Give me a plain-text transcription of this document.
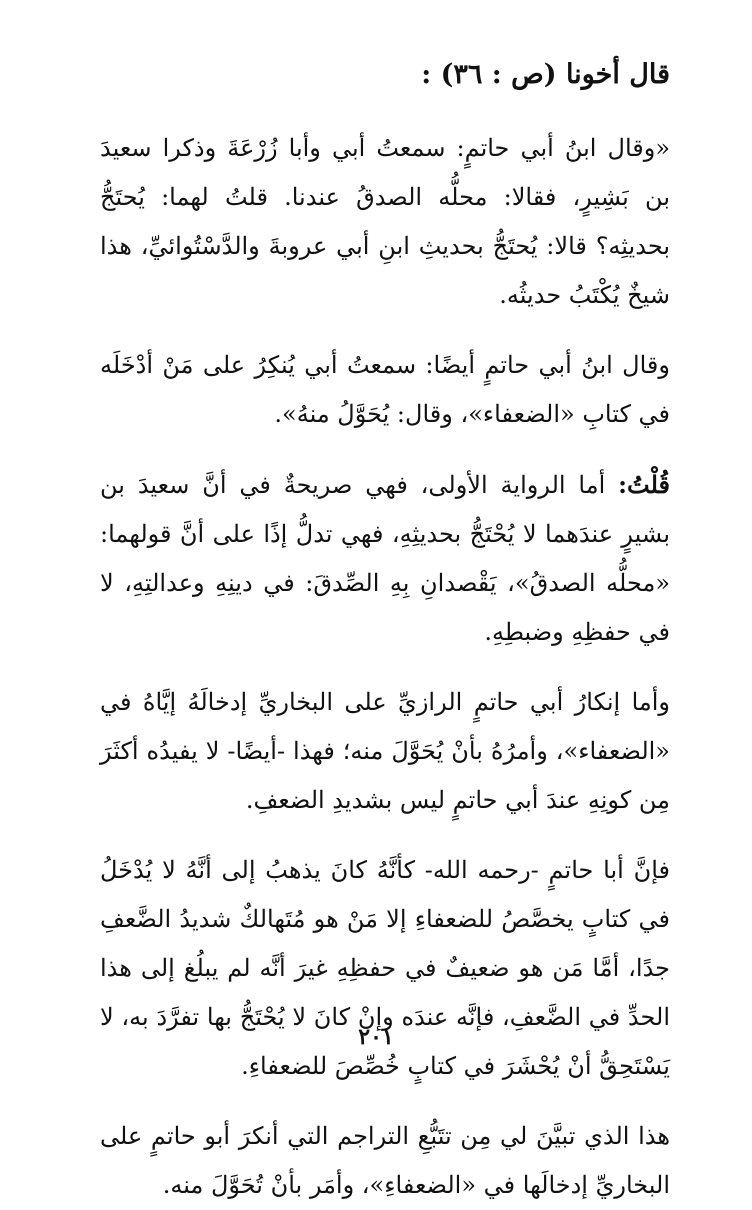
قال أخونا (ص : ٣٦) :

«وقال ابنُ أبي حاتمٍ: سمعتُ أبي وأبا زُرْعَةَ وذكرا سعيدَ بن بَشِيرٍ، فقالا: محلُّه الصدقُ عندنا. قلتُ لهما: يُحتَجُّ بحديثِه؟ قالا: يُحتَجُّ بحديثِ ابنِ أبي عروبةَ والدَّسْتُوائيِّ، هذا شيخٌ يُكْتَبُ حديثُه.

وقال ابنُ أبي حاتمٍ أيضًا: سمعتُ أبي يُنكِرُ على مَنْ أدْخَلَه في كتابِ «الضعفاء»، وقال: يُحَوَّلُ منهُ».

قُلْتُ: أما الرواية الأولى، فهي صريحةٌ في أنَّ سعيدَ بن بشيرٍ عندَهما لا يُحْتَجُّ بحديثِهِ، فهي تدلُّ إذًا على أنَّ قولهما: «محلُّه الصدقُ»، يَقْصدانِ بِهِ الصِّدقَ: في دينِهِ وعدالتِهِ، لا في حفظِهِ وضبطِهِ.

وأما إنكارُ أبي حاتمٍ الرازيِّ على البخاريِّ إدخالَهُ إيَّاهُ في «الضعفاء»، وأمرُهُ بأنْ يُحَوَّلَ منه؛ فهذا -أيضًا- لا يفيدُه أكثَرَ مِن كونِهِ عندَ أبي حاتمٍ ليس بشديدِ الضعفِ.

فإنَّ أبا حاتمٍ -رحمه الله- كأنَّهُ كانَ يذهبُ إلى أنَّهُ لا يُدْخَلُ في كتابٍ يخصَّصُ للضعفاءِ إلا مَنْ هو مُتَهالكٌ شديدُ الضَّعفِ جدًا، أمَّا مَن هو ضعيفٌ في حفظِهِ غيرَ أنَّه لم يبلُغ إلى هذا الحدِّ في الضَّعفِ، فإنَّه عندَه وإنْ كانَ لا يُحْتَجُّ بها تفرَّدَ به، لا يَسْتَحِقُّ أنْ يُحْشَرَ في كتابٍ خُصِّصَ للضعفاءِ.

هذا الذي تبيَّنَ لي مِن تتَبُّعِ التراجم التي أنكرَ أبو حاتمٍ على البخاريِّ إدخالَها في «الضعفاءِ»، وأمَر بأنْ تُحَوَّلَ منه.

٢٠١
